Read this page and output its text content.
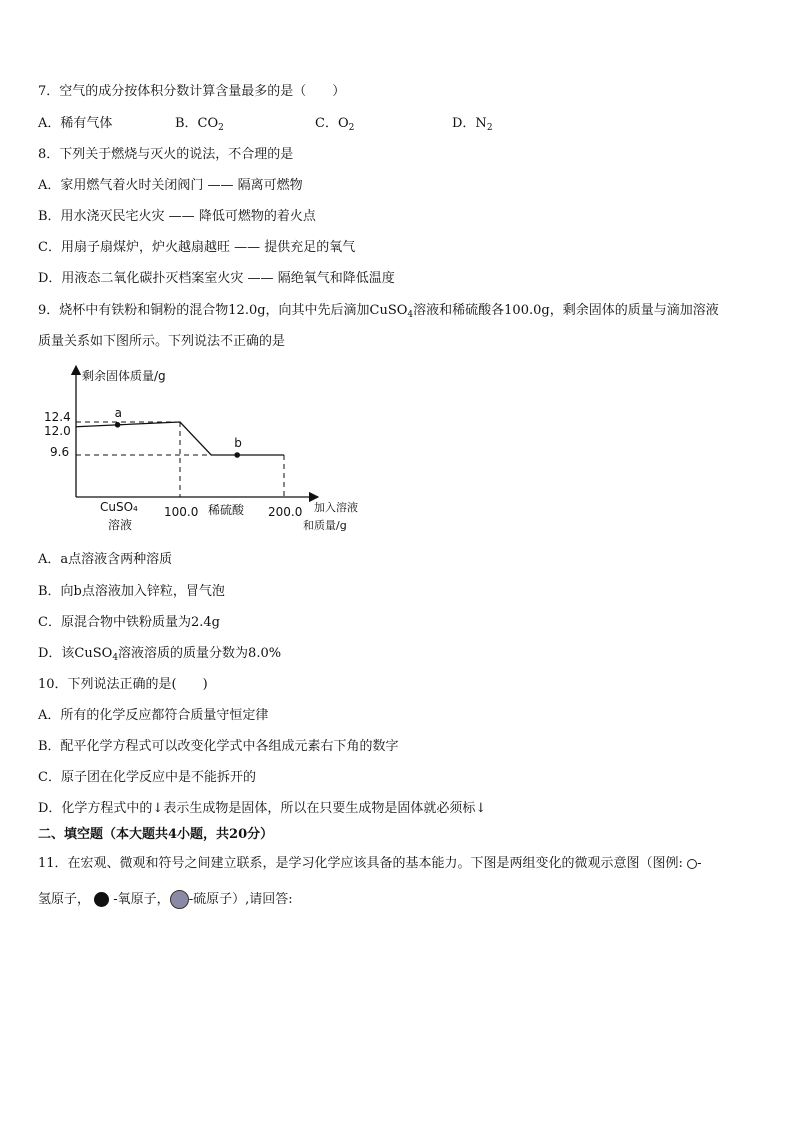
7．空气的成分按体积分数计算含量最多的是（　　）
A．稀有气体	B．$CO_2$	C．$O_2$	D．$N_2$
8．下列关于燃烧与灭火的说法，不合理的是
A．家用燃气着火时关闭阀门 —— 隔离可燃物
B．用水浇灭民宅火灾 —— 降低可燃物的着火点
C．用扇子扇煤炉，炉火越扇越旺 —— 提供充足的氧气
D．用液态二氧化碳扑灭档案室火灾 —— 隔绝氧气和降低温度
9．烧杯中有铁粉和铜粉的混合物12.0g，向其中先后滴加CuSO$_4$溶液和稀硫酸各100.0g，剩余固体的质量与滴加溶液
质量关系如下图所示。下列说法不正确的是
剩余固体质量/g
加入溶液
和质量/g
12.4
12.0
9.6
100.0	200.0
CuSO₄
溶液
稀硫酸
a
b
A．a点溶液含两种溶质
B．向b点溶液加入锌粒，冒气泡
C．原混合物中铁粉质量为2.4g
D．该CuSO$_4$溶液溶质的质量分数为8.0%
10．下列说法正确的是(　　)
A．所有的化学反应都符合质量守恒定律
B．配平化学方程式可以改变化学式中各组成元素右下角的数字
C．原子团在化学反应中是不能拆开的
D．化学方程式中的↓表示生成物是固体，所以在只要生成物是固体就必须标↓
二、填空题（本大题共4小题，共20分）
11．在宏观、微观和符号之间建立联系，是学习化学应该具备的基本能力。下图是两组变化的微观示意图（图例: -
氢原子，  -氧原子， -硫原子）,请回答:
